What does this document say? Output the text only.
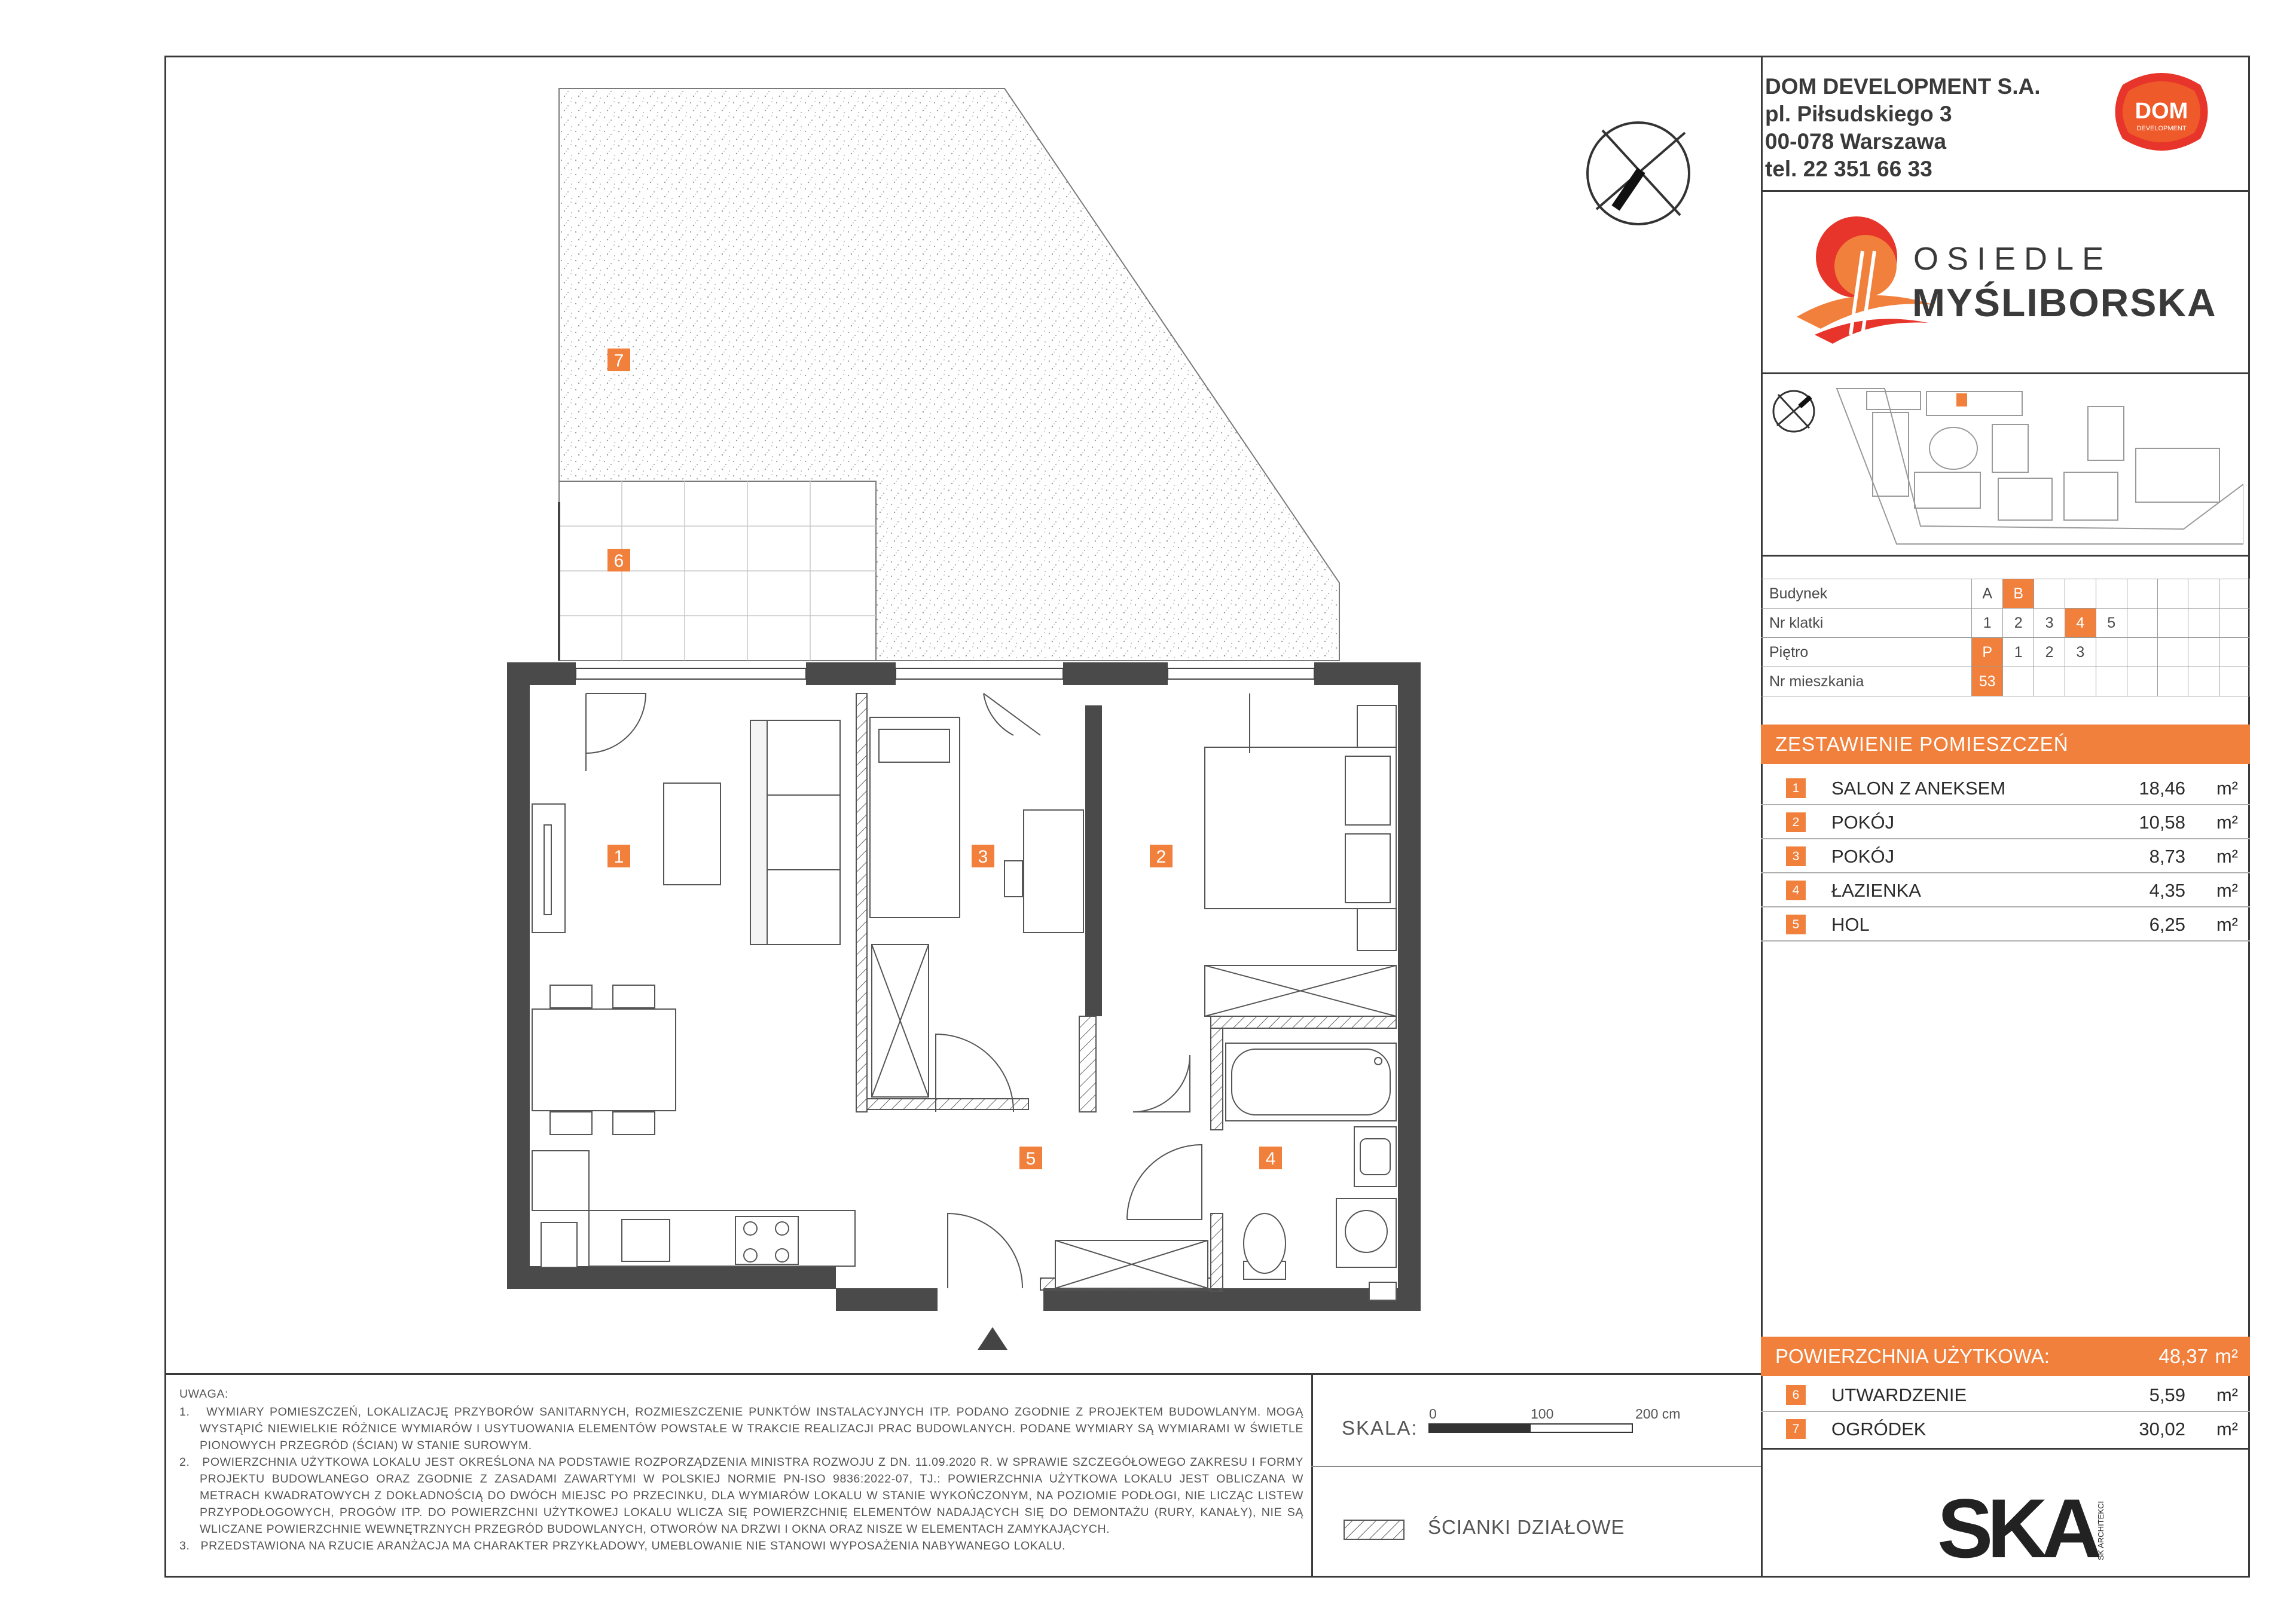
DOM DEVELOPMENT S.A.
pl. Piłsudskiego 3
00-078 Warszawa
tel. 22 351 66 33
DOM
DEVELOPMENT
OSIEDLE
MYŚLIBORSKA
Budynek	A	B							
Nr klatki	1	2	3	4	5				
Piętro	P	1	2	3					
Nr mieszkania	53								
ZESTAWIENIE POMIESZCZEŃ
1	SALON Z ANEKSEM	18,46 m²
2	POKÓJ	10,58 m²
3	POKÓJ	8,73 m²
4	ŁAZIENKA	4,35 m²
5	HOL	6,25 m²
POWIERZCHNIA UŻYTKOWA:	48,37 m²
6	UTWARDZENIE	5,59 m²
7	OGRÓDEK	30,02 m²
UWAGA:
1.   WYMIARY POMIESZCZEŃ, LOKALIZACJĘ PRZYBORÓW SANITARNYCH, ROZMIESZCZENIE PUNKTÓW INSTALACYJNYCH ITP. PODANO ZGODNIE Z PROJEKTEM BUDOWLANYM. MOGĄ WYSTĄPIĆ NIEWIELKIE RÓŻNICE WYMIARÓW I USYTUOWANIA ELEMENTÓW POWSTAŁE W TRAKCIE REALIZACJI PRAC BUDOWLANYCH. PODANE WYMIARY SĄ WYMIARAMI W ŚWIETLE PIONOWYCH PRZEGRÓD (ŚCIAN) W STANIE SUROWYM.
2.   POWIERZCHNIA UŻYTKOWA LOKALU JEST OKREŚLONA NA PODSTAWIE ROZPORZĄDZENIA MINISTRA ROZWOJU Z DN. 11.09.2020 R. W SPRAWIE SZCZEGÓŁOWEGO ZAKRESU I FORMY PROJEKTU BUDOWLANEGO ORAZ ZGODNIE Z ZASADAMI ZAWARTYMI W POLSKIEJ NORMIE PN-ISO 9836:2022-07, TJ.: POWIERZCHNIA UŻYTKOWA LOKALU JEST OBLICZANA W METRACH KWADRATOWYCH Z DOKŁADNOŚCIĄ DO DWÓCH MIEJSC PO PRZECINKU, DLA WYMIARÓW LOKALU W STANIE WYKOŃCZONYM, NA POZIOMIE PODŁOGI, NIE LICZĄC LISTEW PRZYPODŁOGOWYCH, PROGÓW ITP. DO POWIERZCHNI UŻYTKOWEJ LOKALU WLICZA SIĘ POWIERZCHNIĘ ELEMENTÓW NADAJĄCYCH SIĘ DO DEMONTAŻU (RURY, KANAŁY), NIE SĄ WLICZANE POWIERZCHNIE WEWNĘTRZNYCH PRZEGRÓD BUDOWLANYCH, OTWORÓW NA DRZWI I OKNA ORAZ NISZE W ELEMENTACH ZAMYKAJĄCYCH.
3.   PRZEDSTAWIONA NA RZUCIE ARANŻACJA MA CHARAKTER PRZYKŁADOWY, UMEBLOWANIE NIE STANOWI WYPOSAŻENIA NABYWANEGO LOKALU.
SKALA:
0	100	200 cm
ŚCIANKI DZIAŁOWE	SKA SK ARCHITEKCI
1	2
3
4
5
6
7
